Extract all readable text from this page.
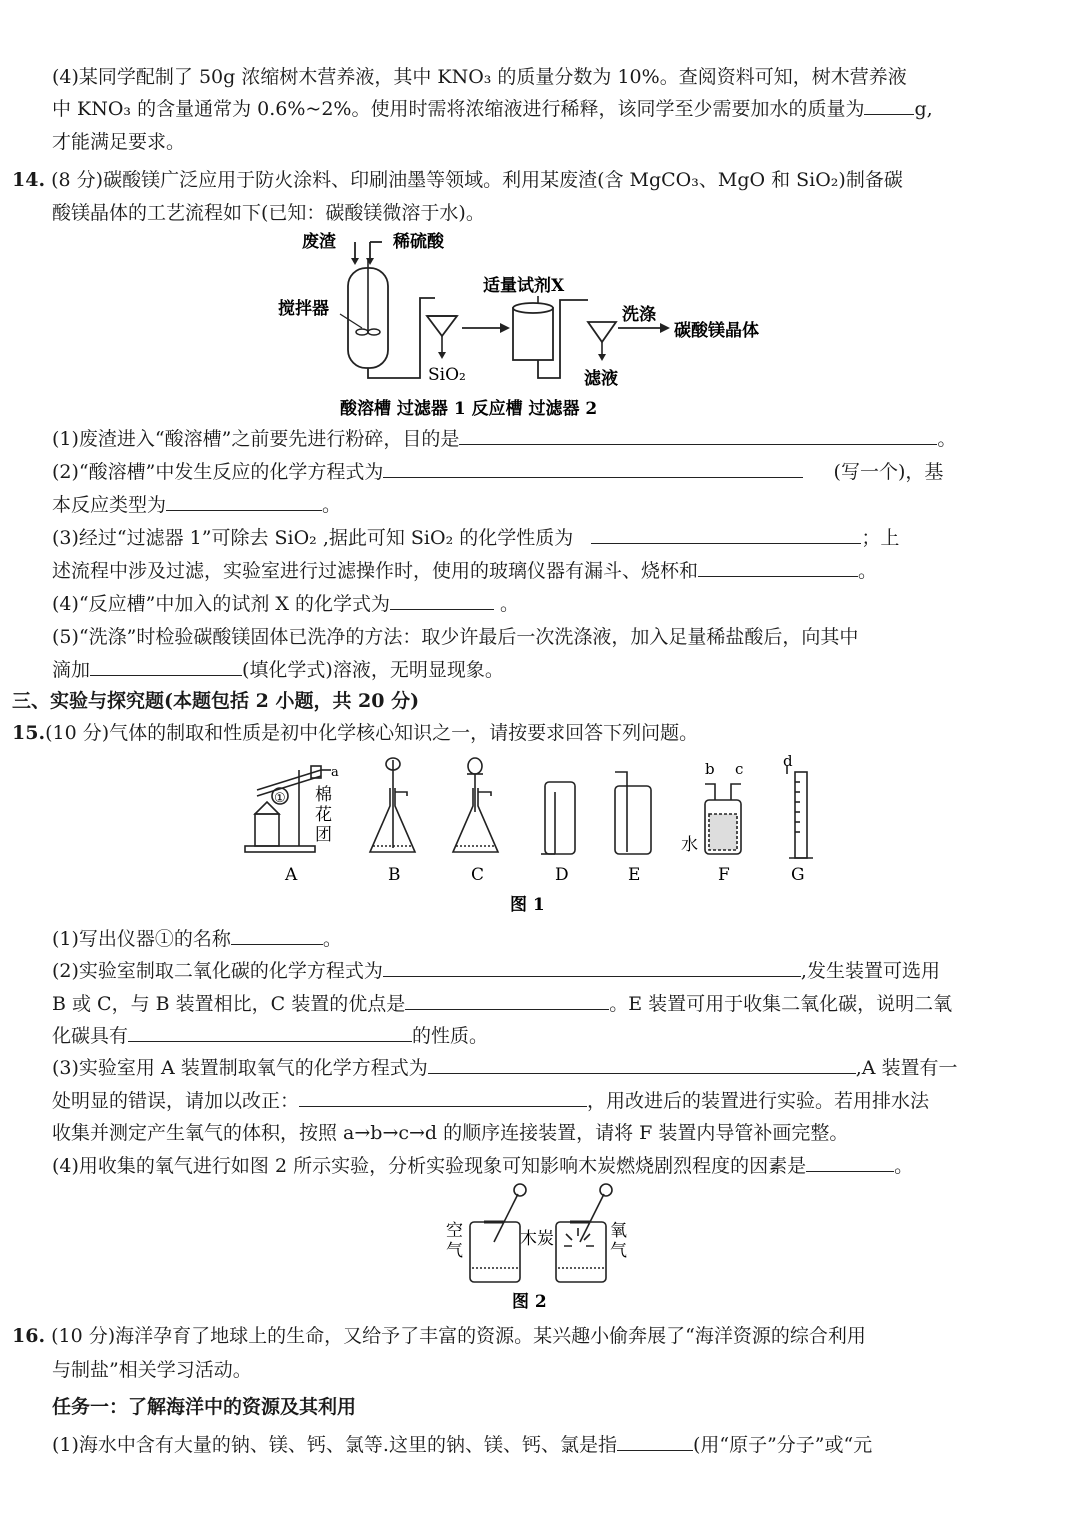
(4)某同学配制了 50g 浓缩树木营养液，其中 KNO₃ 的质量分数为 10%。查阅资料可知，树木营养液
中 KNO₃ 的含量通常为 0.6%~2%。使用时需将浓缩液进行稀释，该同学至少需要加水的质量为	g,
才能满足要求。
14. (8 分)碳酸镁广泛应用于防火涂料、印刷油墨等领域。利用某废渣(含 MgCO₃、MgO 和 SiO₂)制备碳
酸镁晶体的工艺流程如下(已知：碳酸镁微溶于水)。
废渣	稀硫酸
搅拌器
SiO₂
适量试剂X
滤液
洗涤
碳酸镁晶体
酸溶槽 过滤器 1 反应槽 过滤器 2
(1)废渣进入“酸溶槽”之前要先进行粉碎，目的是	。
(2)“酸溶槽”中发生反应的化学方程式为	(写一个)，基
本反应类型为	。
(3)经过“过滤器 1”可除去 SiO₂ ,据此可知 SiO₂ 的化学性质为	；上
述流程中涉及过滤，实验室进行过滤操作时，使用的玻璃仪器有漏斗、烧杯和	。
(4)“反应槽”中加入的试剂 X 的化学式为	。
(5)“洗涤”时检验碳酸镁固体已洗净的方法：取少许最后一次洗涤液，加入足量稀盐酸后，向其中
滴加	(填化学式)溶液，无明显现象。
三、实验与探究题(本题包括 2 小题，共 20 分)
15.(10 分)气体的制取和性质是初中化学核心知识之一，请按要求回答下列问题。
①
a
棉
花
团
b c
水
d
A	B	C	D	E	F	G
图 1
(1)写出仪器①的名称	。
(2)实验室制取二氧化碳的化学方程式为	,发生装置可选用
B 或 C，与 B 装置相比，C 装置的优点是	。E 装置可用于收集二氧化碳，说明二氧
化碳具有	的性质。
(3)实验室用 A 装置制取氧气的化学方程式为	,A 装置有一
处明显的错误，请加以改正：	，用改进后的装置进行实验。若用排水法
收集并测定产生氧气的体积，按照 a→b→c→d 的顺序连接装置，请将 F 装置内导管补画完整。
(4)用收集的氧气进行如图 2 所示实验，分析实验现象可知影响木炭燃烧剧烈程度的因素是	。
空
气
木炭	氧
气
图 2
16. (10 分)海洋孕育了地球上的生命，又给予了丰富的资源。某兴趣小偷奔展了“海洋资源的综合利用
与制盐”相关学习活动。
任务一：了解海洋中的资源及其利用
(1)海水中含有大量的钠、镁、钙、氯等.这里的钠、镁、钙、氯是指	(用“原子”分子”或“元
